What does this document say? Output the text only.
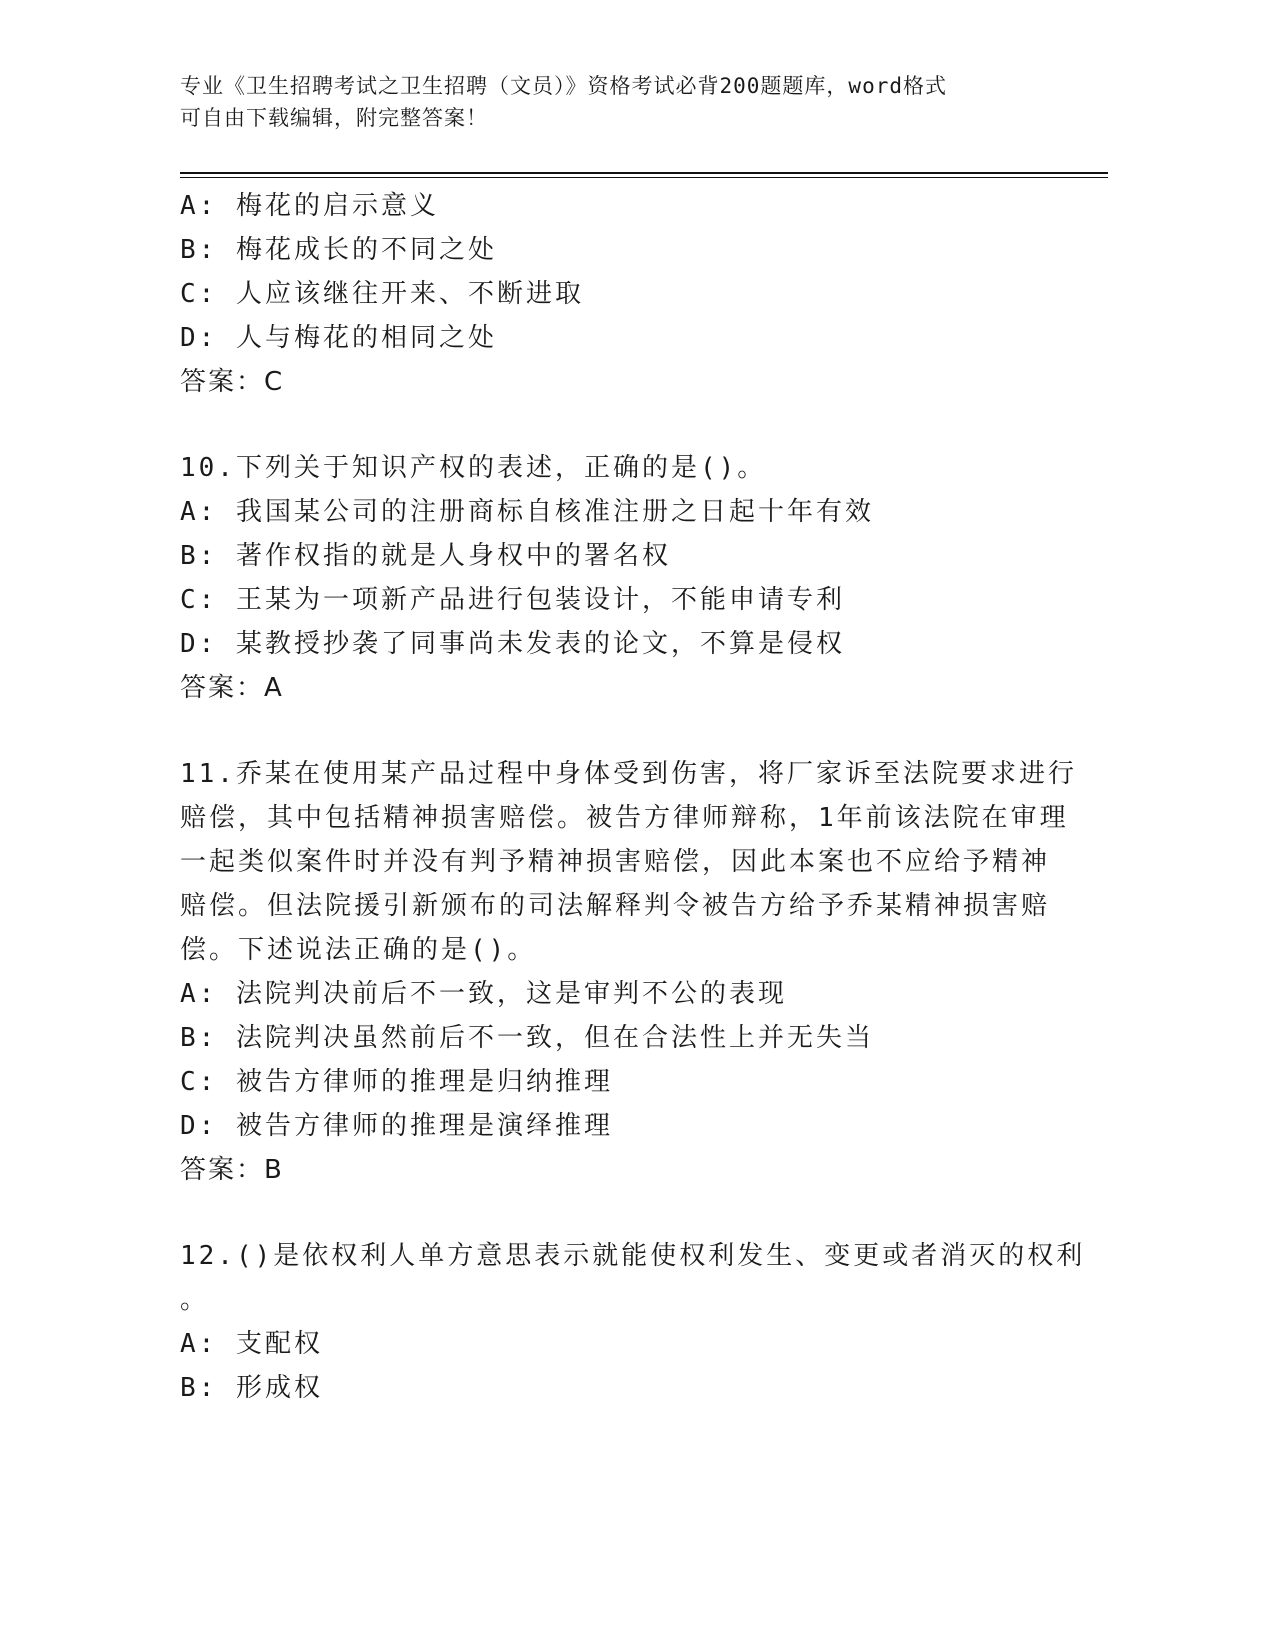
专业《卫生招聘考试之卫生招聘（文员）》资格考试必背200题题库，word格式
可自由下载编辑，附完整答案！
A: 梅花的启示意义
B: 梅花成长的不同之处
C: 人应该继往开来、不断进取
D: 人与梅花的相同之处
答案：C
10.下列关于知识产权的表述，正确的是()。
A: 我国某公司的注册商标自核准注册之日起十年有效
B: 著作权指的就是人身权中的署名权
C: 王某为一项新产品进行包装设计，不能申请专利
D: 某教授抄袭了同事尚未发表的论文，不算是侵权
答案：A
11.乔某在使用某产品过程中身体受到伤害，将厂家诉至法院要求进行
赔偿，其中包括精神损害赔偿。被告方律师辩称，1年前该法院在审理
一起类似案件时并没有判予精神损害赔偿，因此本案也不应给予精神
赔偿。但法院援引新颁布的司法解释判令被告方给予乔某精神损害赔
偿。下述说法正确的是()。
A: 法院判决前后不一致，这是审判不公的表现
B: 法院判决虽然前后不一致，但在合法性上并无失当
C: 被告方律师的推理是归纳推理
D: 被告方律师的推理是演绎推理
答案：B
12.()是依权利人单方意思表示就能使权利发生、变更或者消灭的权利
。
A: 支配权
B: 形成权
